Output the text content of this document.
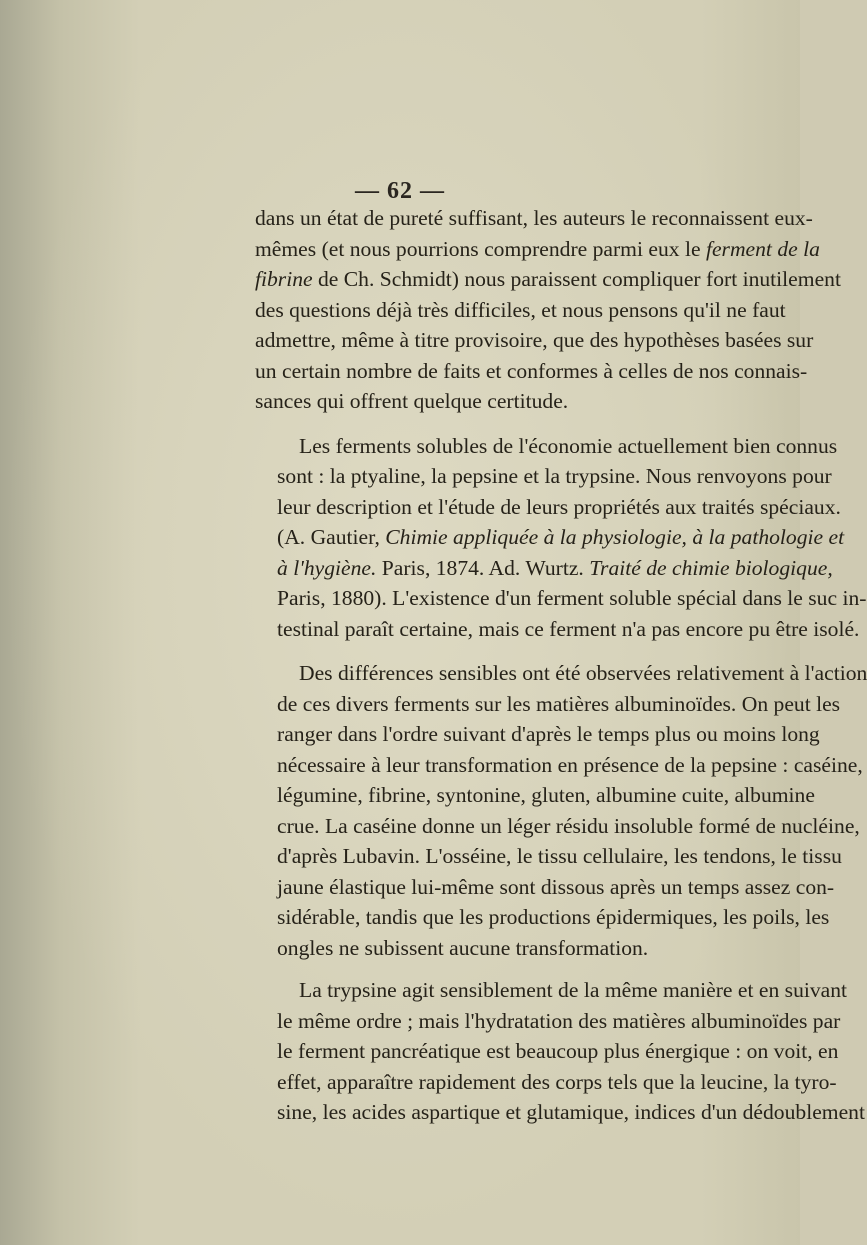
— 62 —

dans un état de pureté suffisant, les auteurs le reconnaissent eux-
mêmes (et nous pourrions comprendre parmi eux le ferment de la
fibrine de Ch. Schmidt) nous paraissent compliquer fort inutilement
des questions déjà très difficiles, et nous pensons qu'il ne faut
admettre, même à titre provisoire, que des hypothèses basées sur
un certain nombre de faits et conformes à celles de nos connais-
sances qui offrent quelque certitude.

Les ferments solubles de l'économie actuellement bien connus
sont : la ptyaline, la pepsine et la trypsine. Nous renvoyons pour
leur description et l'étude de leurs propriétés aux traités spéciaux.
(A. Gautier, Chimie appliquée à la physiologie, à la pathologie et
à l'hygiène. Paris, 1874. Ad. Wurtz. Traité de chimie biologique,
Paris, 1880). L'existence d'un ferment soluble spécial dans le suc in-
testinal paraît certaine, mais ce ferment n'a pas encore pu être isolé.

Des différences sensibles ont été observées relativement à l'action
de ces divers ferments sur les matières albuminoïdes. On peut les
ranger dans l'ordre suivant d'après le temps plus ou moins long
nécessaire à leur transformation en présence de la pepsine : caséine,
légumine, fibrine, syntonine, gluten, albumine cuite, albumine
crue. La caséine donne un léger résidu insoluble formé de nucléine,
d'après Lubavin. L'osséine, le tissu cellulaire, les tendons, le tissu
jaune élastique lui-même sont dissous après un temps assez con-
sidérable, tandis que les productions épidermiques, les poils, les
ongles ne subissent aucune transformation.

La trypsine agit sensiblement de la même manière et en suivant
le même ordre ; mais l'hydratation des matières albuminoïdes par
le ferment pancréatique est beaucoup plus énergique : on voit, en
effet, apparaître rapidement des corps tels que la leucine, la tyro-
sine, les acides aspartique et glutamique, indices d'un dédoublement
